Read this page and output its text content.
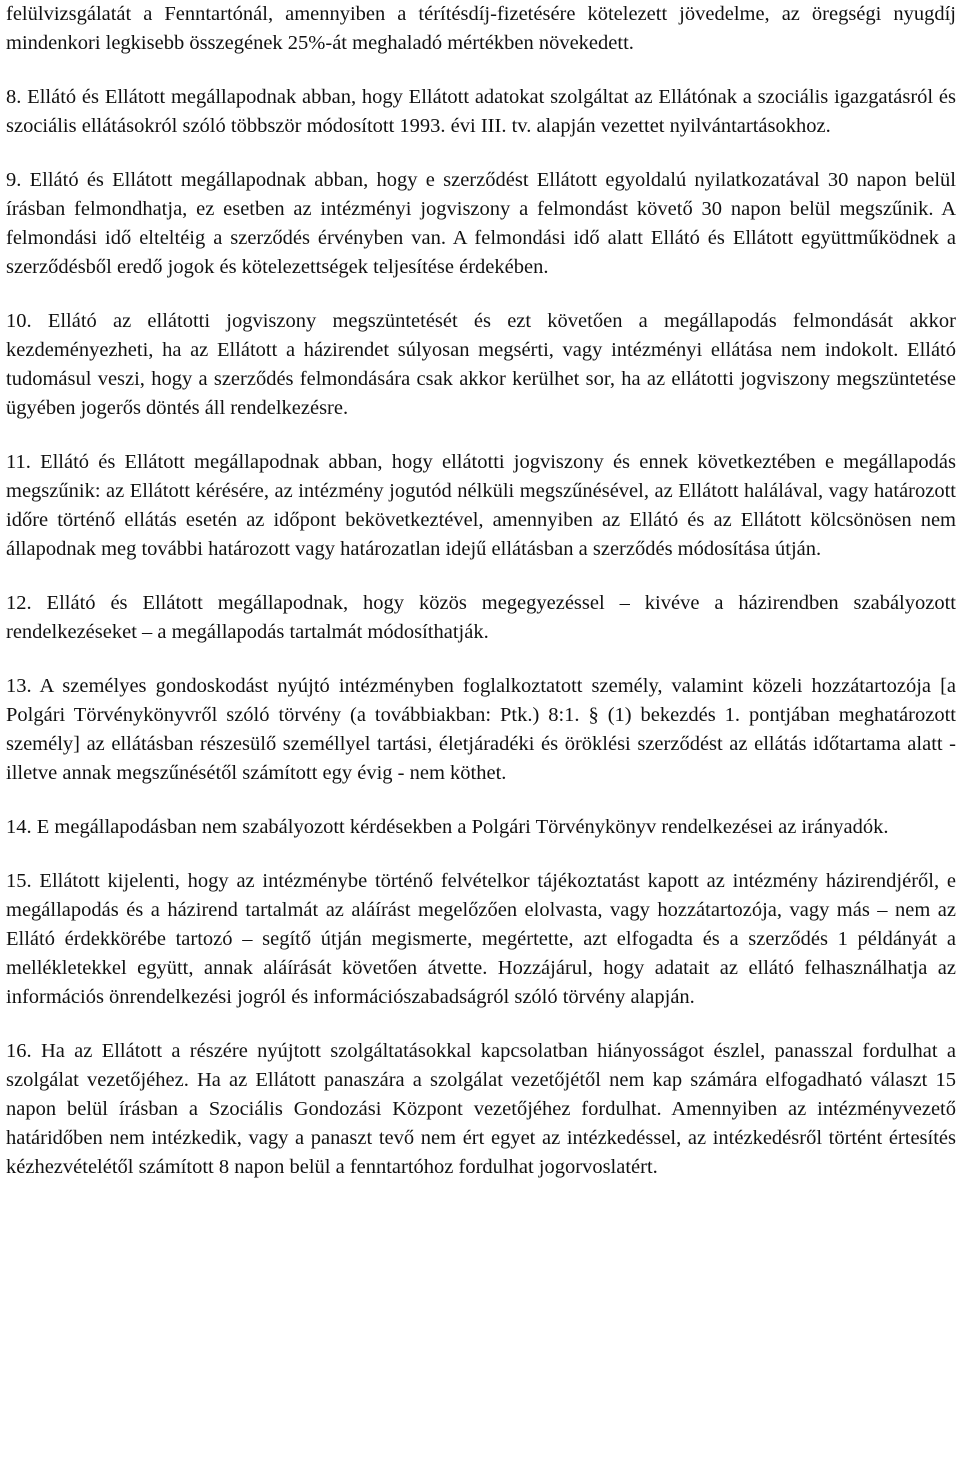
felülvizsgálatát a Fenntartónál, amennyiben a térítésdíj-fizetésére kötelezett jövedelme, az öregségi nyugdíj mindenkori legkisebb összegének 25%-át meghaladó mértékben növekedett.

8. Ellátó és Ellátott megállapodnak abban, hogy Ellátott adatokat szolgáltat az Ellátónak a szociális igazgatásról és szociális ellátásokról szóló többször módosított 1993. évi III. tv. alapján vezettet nyilvántartásokhoz.

9. Ellátó és Ellátott megállapodnak abban, hogy e szerződést Ellátott egyoldalú nyilatkozatával 30 napon belül írásban felmondhatja, ez esetben az intézményi jogviszony a felmondást követő 30 napon belül megszűnik. A felmondási idő elteltéig a szerződés érvényben van. A felmondási idő alatt Ellátó és Ellátott együttműködnek a szerződésből eredő jogok és kötelezettségek teljesítése érdekében.

10. Ellátó az ellátotti jogviszony megszüntetését és ezt követően a megállapodás felmondását akkor kezdeményezheti, ha az Ellátott a házirendet súlyosan megsérti, vagy intézményi ellátása nem indokolt. Ellátó tudomásul veszi, hogy a szerződés felmondására csak akkor kerülhet sor, ha az ellátotti jogviszony megszüntetése ügyében jogerős döntés áll rendelkezésre.

11. Ellátó és Ellátott megállapodnak abban, hogy ellátotti jogviszony és ennek következtében e megállapodás megszűnik: az Ellátott kérésére, az intézmény jogutód nélküli megszűnésével, az Ellátott halálával, vagy határozott időre történő ellátás esetén az időpont bekövetkeztével, amennyiben az Ellátó és az Ellátott kölcsönösen nem állapodnak meg további határozott vagy határozatlan idejű ellátásban a szerződés módosítása útján.

12. Ellátó és Ellátott megállapodnak, hogy közös megegyezéssel – kivéve a házirendben szabályozott rendelkezéseket – a megállapodás tartalmát módosíthatják.

13. A személyes gondoskodást nyújtó intézményben foglalkoztatott személy, valamint közeli hozzátartozója [a Polgári Törvénykönyvről szóló törvény (a továbbiakban: Ptk.) 8:1. § (1) bekezdés 1. pontjában meghatározott személy] az ellátásban részesülő személlyel tartási, életjáradéki és öröklési szerződést az ellátás időtartama alatt - illetve annak megszűnésétől számított egy évig - nem köthet.

14. E megállapodásban nem szabályozott kérdésekben a Polgári Törvénykönyv rendelkezései az irányadók.

15. Ellátott kijelenti, hogy az intézménybe történő felvételkor tájékoztatást kapott az intézmény házirendjéről, e megállapodás és a házirend tartalmát az aláírást megelőzően elolvasta, vagy hozzátartozója, vagy más – nem az Ellátó érdekkörébe tartozó – segítő útján megismerte, megértette, azt elfogadta és a szerződés 1 példányát a mellékletekkel együtt, annak aláírását követően átvette. Hozzájárul, hogy adatait az ellátó felhasználhatja az információs önrendelkezési jogról és információszabadságról szóló törvény alapján.

16. Ha az Ellátott a részére nyújtott szolgáltatásokkal kapcsolatban hiányosságot észlel, panasszal fordulhat a szolgálat vezetőjéhez. Ha az Ellátott panaszára a szolgálat vezetőjétől nem kap számára elfogadható választ 15 napon belül írásban a Szociális Gondozási Központ vezetőjéhez fordulhat. Amennyiben az intézményvezető határidőben nem intézkedik, vagy a panaszt tevő nem ért egyet az intézkedéssel, az intézkedésről történt értesítés kézhezvételétől számított 8 napon belül a fenntartóhoz fordulhat jogorvoslatért.
